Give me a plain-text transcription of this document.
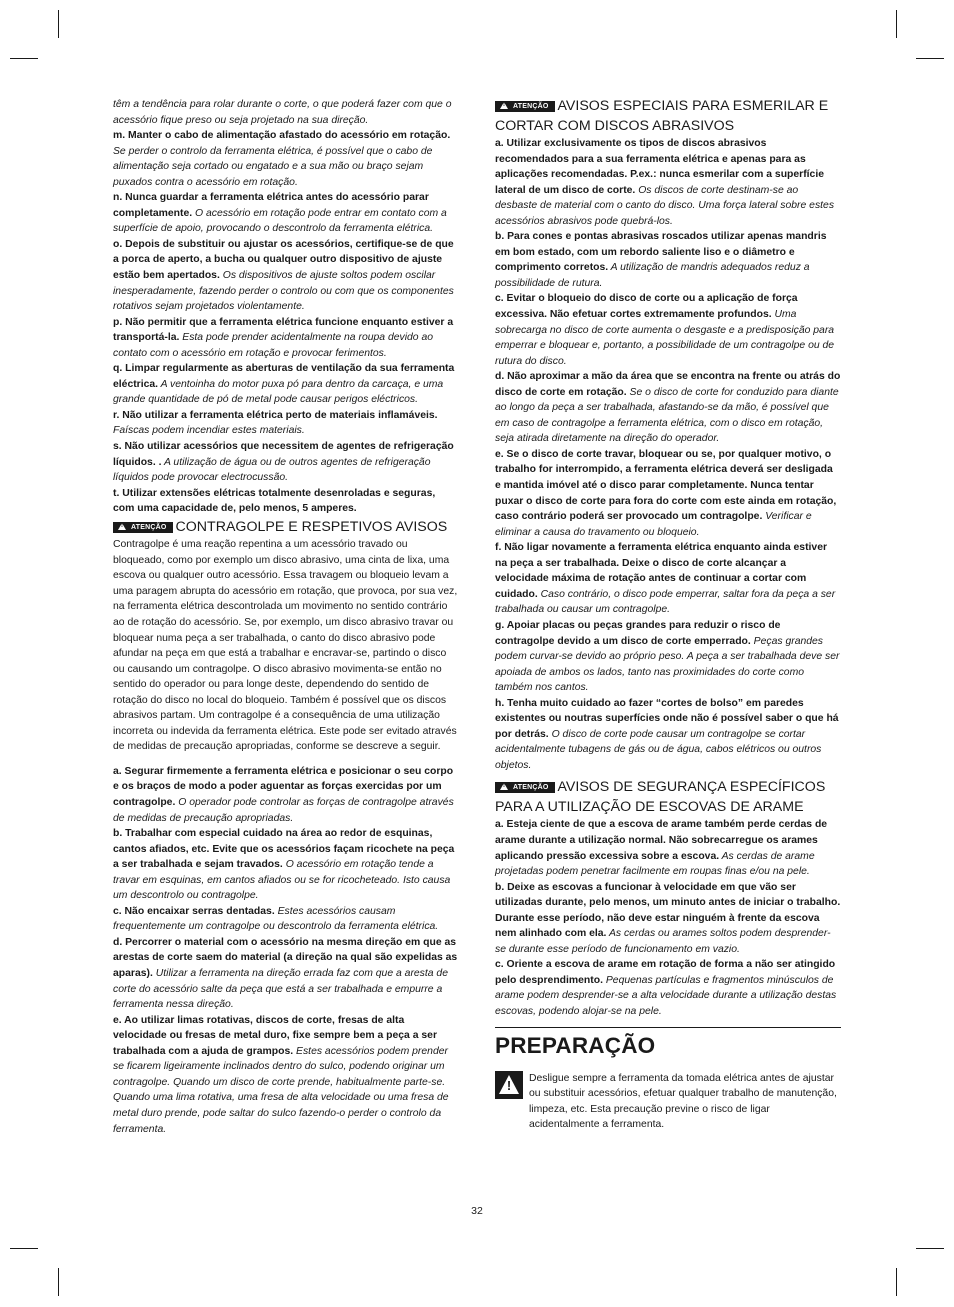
têm a tendência para rolar durante o corte, o que poderá fazer com que o acessório fique preso ou seja projetado na sua direção.

m. Manter o cabo de alimentação afastado do acessório em rotação. Se perder o controlo da ferramenta elétrica, é possível que o cabo de alimentação seja cortado ou engatado e a sua mão ou braço sejam puxados contra o acessório em rotação.

n. Nunca guardar a ferramenta elétrica antes do acessório parar completamente. O acessório em rotação pode entrar em contato com a superfície de apoio, provocando o descontrolo da ferramenta elétrica.

o. Depois de substituir ou ajustar os acessórios, certifique-se de que a porca de aperto, a bucha ou qualquer outro dispositivo de ajuste estão bem apertados. Os dispositivos de ajuste soltos podem oscilar inesperadamente, fazendo perder o controlo ou com que os componentes rotativos sejam projetados violentamente.

p. Não permitir que a ferramenta elétrica funcione enquanto estiver a transportá-la. Esta pode prender acidentalmente na roupa devido ao contato com o acessório em rotação e provocar ferimentos.

q. Limpar regularmente as aberturas de ventilação da sua ferramenta eléctrica. A ventoinha do motor puxa pó para dentro da carcaça, e uma grande quantidade de pó de metal pode causar perigos eléctricos.

r. Não utilizar a ferramenta elétrica perto de materiais inflamáveis. Faíscas podem incendiar estes materiais.

s. Não utilizar acessórios que necessitem de agentes de refrigeração líquidos. . A utilização de água ou de outros agentes de refrigeração líquidos pode provocar electrocussão.

t. Utilizar extensões elétricas totalmente desenroladas e seguras, com uma capacidade de, pelo menos, 5 amperes.

!ATENÇÃO CONTRAGOLPE E RESPETIVOS AVISOS

Contragolpe é uma reação repentina a um acessório travado ou bloqueado, como por exemplo um disco abrasivo, uma cinta de lixa, uma escova ou qualquer outro acessório. Essa travagem ou bloqueio levam a uma paragem abrupta do acessório em rotação, que provoca, por sua vez, na ferramenta elétrica descontrolada um movimento no sentido contrário ao de rotação do acessório. Se, por exemplo, um disco abrasivo travar ou bloquear numa peça a ser trabalhada, o canto do disco abrasivo pode afundar na peça em que está a trabalhar e encravar-se, partindo o disco ou causando um contragolpe. O disco abrasivo movimenta-se então no sentido do operador ou para longe deste, dependendo do sentido de rotação do disco no local do bloqueio. Também é possível que os discos abrasivos partam. Um contragolpe é a consequência de uma utilização incorreta ou indevida da ferramenta elétrica. Este pode ser evitado através de medidas de precaução apropriadas, conforme se descreve a seguir.

a. Segurar firmemente a ferramenta elétrica e posicionar o seu corpo e os braços de modo a poder aguentar as forças exercidas por um contragolpe. O operador pode controlar as forças de contragolpe através de medidas de precaução apropriadas.

b. Trabalhar com especial cuidado na área ao redor de esquinas, cantos afiados, etc. Evite que os acessórios façam ricochete na peça a ser trabalhada e sejam travados. O acessório em rotação tende a travar em esquinas, em cantos afiados ou se for ricocheteado. Isto causa um descontrolo ou contragolpe.

c. Não encaixar serras dentadas. Estes acessórios causam frequentemente um contragolpe ou descontrolo da ferramenta elétrica.

d. Percorrer o material com o acessório na mesma direção em que as arestas de corte saem do material (a direção na qual são expelidas as aparas). Utilizar a ferramenta na direção errada faz com que a aresta de corte do acessório salte da peça que está a ser trabalhada e empurre a ferramenta nessa direção.

e. Ao utilizar limas rotativas, discos de corte, fresas de alta velocidade ou fresas de metal duro, fixe sempre bem a peça a ser trabalhada com a ajuda de grampos. Estes acessórios podem prender se ficarem ligeiramente inclinados dentro do sulco, podendo originar um contragolpe. Quando um disco de corte prende, habitualmente parte-se. Quando uma lima rotativa, uma fresa de alta velocidade ou uma fresa de metal duro prende, pode saltar do sulco fazendo-o perder o controlo da ferramenta.

!ATENÇÃO AVISOS ESPECIAIS PARA ESMERILAR E CORTAR COM DISCOS ABRASIVOS

a. Utilizar exclusivamente os tipos de discos abrasivos recomendados para a sua ferramenta elétrica e apenas para as aplicações recomendadas. P.ex.: nunca esmerilar com a superfície lateral de um disco de corte. Os discos de corte destinam-se ao desbaste de material com o canto do disco. Uma força lateral sobre estes acessórios abrasivos pode quebrá-los.

b. Para cones e pontas abrasivas roscados utilizar apenas mandris em bom estado, com um rebordo saliente liso e o diâmetro e comprimento corretos. A utilização de mandris adequados reduz a possibilidade de rutura.

c. Evitar o bloqueio do disco de corte ou a aplicação de força excessiva. Não efetuar cortes extremamente profundos. Uma sobrecarga no disco de corte aumenta o desgaste e a predisposição para emperrar e bloquear e, portanto, a possibilidade de um contragolpe ou de rutura do disco.

d. Não aproximar a mão da área que se encontra na frente ou atrás do disco de corte em rotação. Se o disco de corte for conduzido para diante ao longo da peça a ser trabalhada, afastando-se da mão, é possível que em caso de contragolpe a ferramenta elétrica, com o disco em rotação, seja atirada diretamente na direção do operador.

e. Se o disco de corte travar, bloquear ou se, por qualquer motivo, o trabalho for interrompido, a ferramenta elétrica deverá ser desligada e mantida imóvel até o disco parar completamente. Nunca tentar puxar o disco de corte para fora do corte com este ainda em rotação, caso contrário poderá ser provocado um contragolpe. Verificar e eliminar a causa do travamento ou bloqueio.

f. Não ligar novamente a ferramenta elétrica enquanto ainda estiver na peça a ser trabalhada. Deixe o disco de corte alcançar a velocidade máxima de rotação antes de continuar a cortar com cuidado. Caso contrário, o disco pode emperrar, saltar fora da peça a ser trabalhada ou causar um contragolpe.

g. Apoiar placas ou peças grandes para reduzir o risco de contragolpe devido a um disco de corte emperrado. Peças grandes podem curvar-se devido ao próprio peso. A peça a ser trabalhada deve ser apoiada de ambos os lados, tanto nas proximidades do corte como também nos cantos.

h. Tenha muito cuidado ao fazer “cortes de bolso” em paredes existentes ou noutras superfícies onde não é possível saber o que há por detrás. O disco de corte pode causar um contragolpe se cortar acidentalmente tubagens de gás ou de água, cabos elétricos ou outros objetos.

!ATENÇÃO AVISOS DE SEGURANÇA ESPECÍFICOS PARA A UTILIZAÇÃO DE ESCOVAS DE ARAME

a. Esteja ciente de que a escova de arame também perde cerdas de arame durante a utilização normal. Não sobrecarregue os arames aplicando pressão excessiva sobre a escova. As cerdas de arame projetadas podem penetrar facilmente em roupas finas e/ou na pele.

b. Deixe as escovas a funcionar à velocidade em que vão ser utilizadas durante, pelo menos, um minuto antes de iniciar o trabalho. Durante esse período, não deve estar ninguém à frente da escova nem alinhado com ela. As cerdas ou arames soltos podem desprender-se durante esse período de funcionamento em vazio.

c. Oriente a escova de arame em rotação de forma a não ser atingido pelo desprendimento. Pequenas partículas e fragmentos minúsculos de arame podem desprender-se a alta velocidade durante a utilização destas escovas, podendo alojar-se na pele.

PREPARAÇÃO
! Desligue sempre a ferramenta da tomada elétrica antes de ajustar ou substituir acessórios, efetuar qualquer trabalho de manutenção, limpeza, etc. Esta precaução previne o risco de ligar acidentalmente a ferramenta.

32
